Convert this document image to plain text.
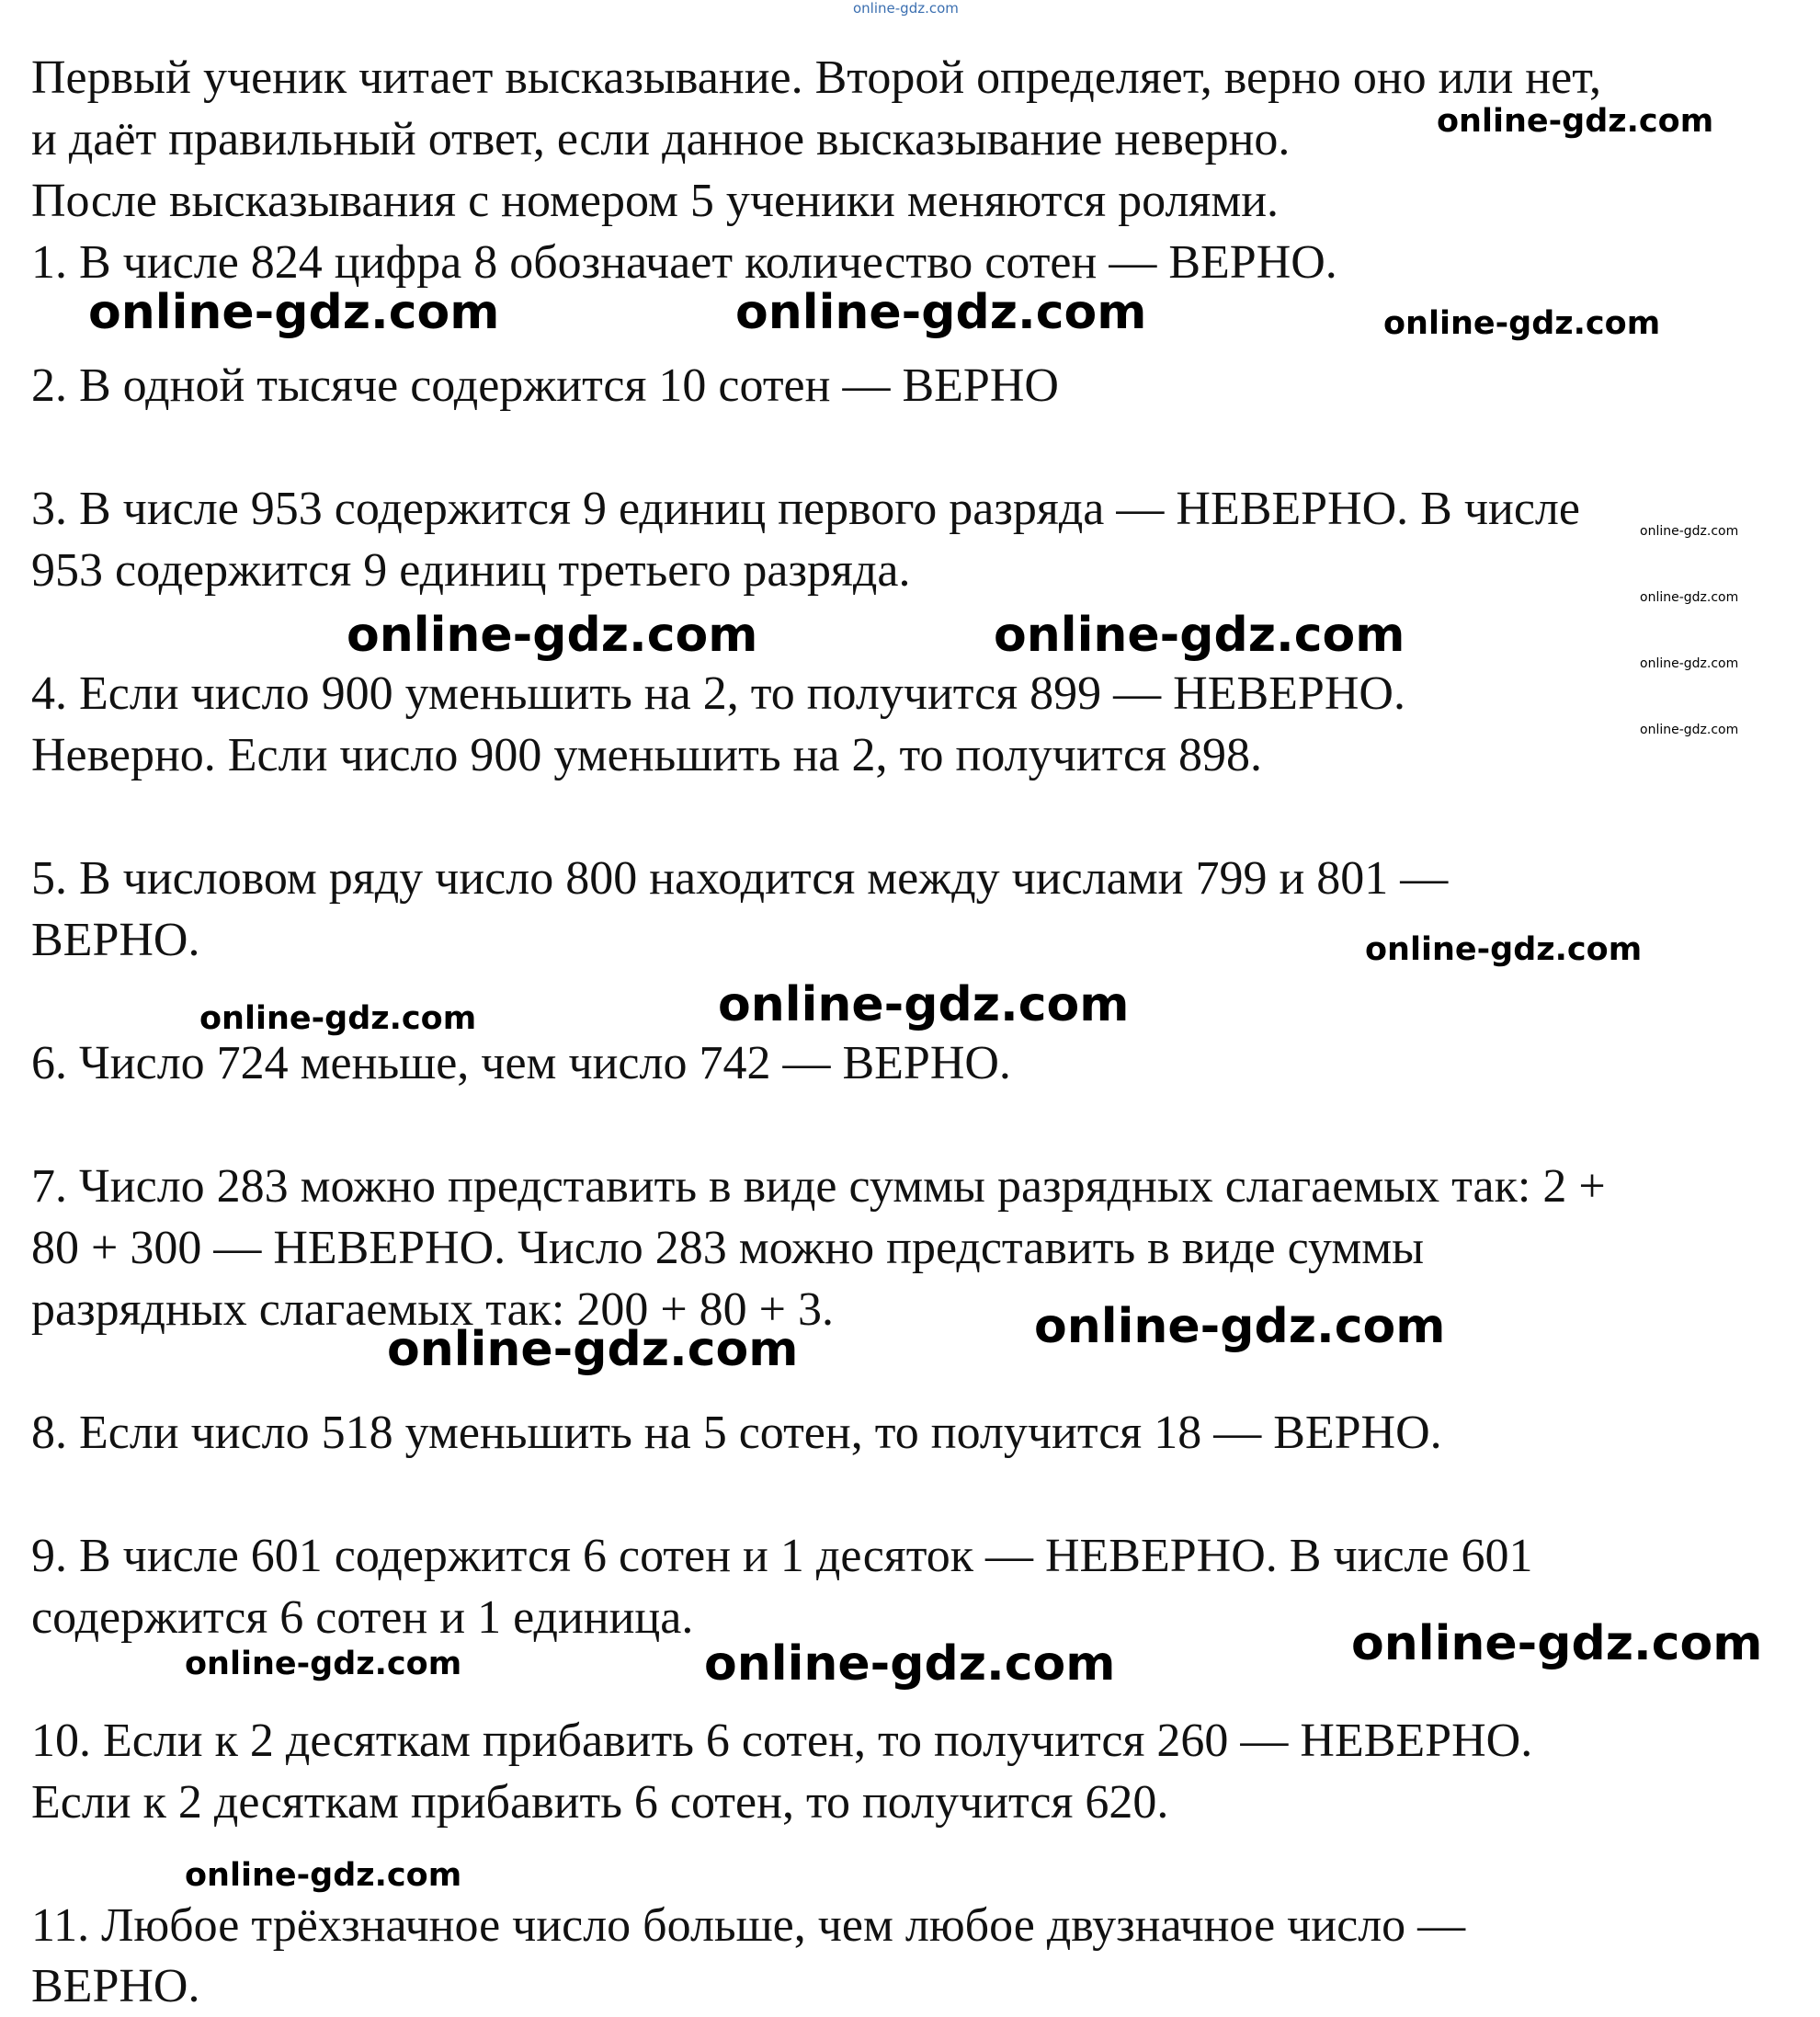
Первый ученик читает высказывание. Второй определяет, верно оно или нет,
и даёт правильный ответ, если данное высказывание неверно.
После высказывания с номером 5 ученики меняются ролями.
1. В числе 824 цифра 8 обозначает количество сотен — ВЕРНО.
2. В одной тысяче содержится 10 сотен — ВЕРНО
3. В числе 953 содержится 9 единиц первого разряда — НЕВЕРНО. В числе
953 содержится 9 единиц третьего разряда.
4. Если число 900 уменьшить на 2, то получится 899 — НЕВЕРНО.
Неверно. Если число 900 уменьшить на 2, то получится 898.
5. В числовом ряду число 800 находится между числами 799 и 801 —
ВЕРНО.
6. Число 724 меньше, чем число 742 — ВЕРНО.
7. Число 283 можно представить в виде суммы разрядных слагаемых так: 2 +
80 + 300 — НЕВЕРНО. Число 283 можно представить в виде суммы
разрядных слагаемых так: 200 + 80 + 3.
8. Если число 518 уменьшить на 5 сотен, то получится 18 — ВЕРНО.
9. В числе 601 содержится 6 сотен и 1 десяток — НЕВЕРНО. В числе 601
содержится 6 сотен и 1 единица.
10. Если к 2 десяткам прибавить 6 сотен, то получится 260 — НЕВЕРНО.
Если к 2 десяткам прибавить 6 сотен, то получится 620.
11. Любое трёхзначное число больше, чем любое двузначное число —
ВЕРНО.
online-gdz.com
online-gdz.com
online-gdz.com	online-gdz.com	online-gdz.com
online-gdz.com
online-gdz.com
online-gdz.com	online-gdz.com
online-gdz.com
online-gdz.com
online-gdz.com
online-gdz.com	online-gdz.com
online-gdz.com
online-gdz.com
online-gdz.com
online-gdz.com	online-gdz.com
online-gdz.com
